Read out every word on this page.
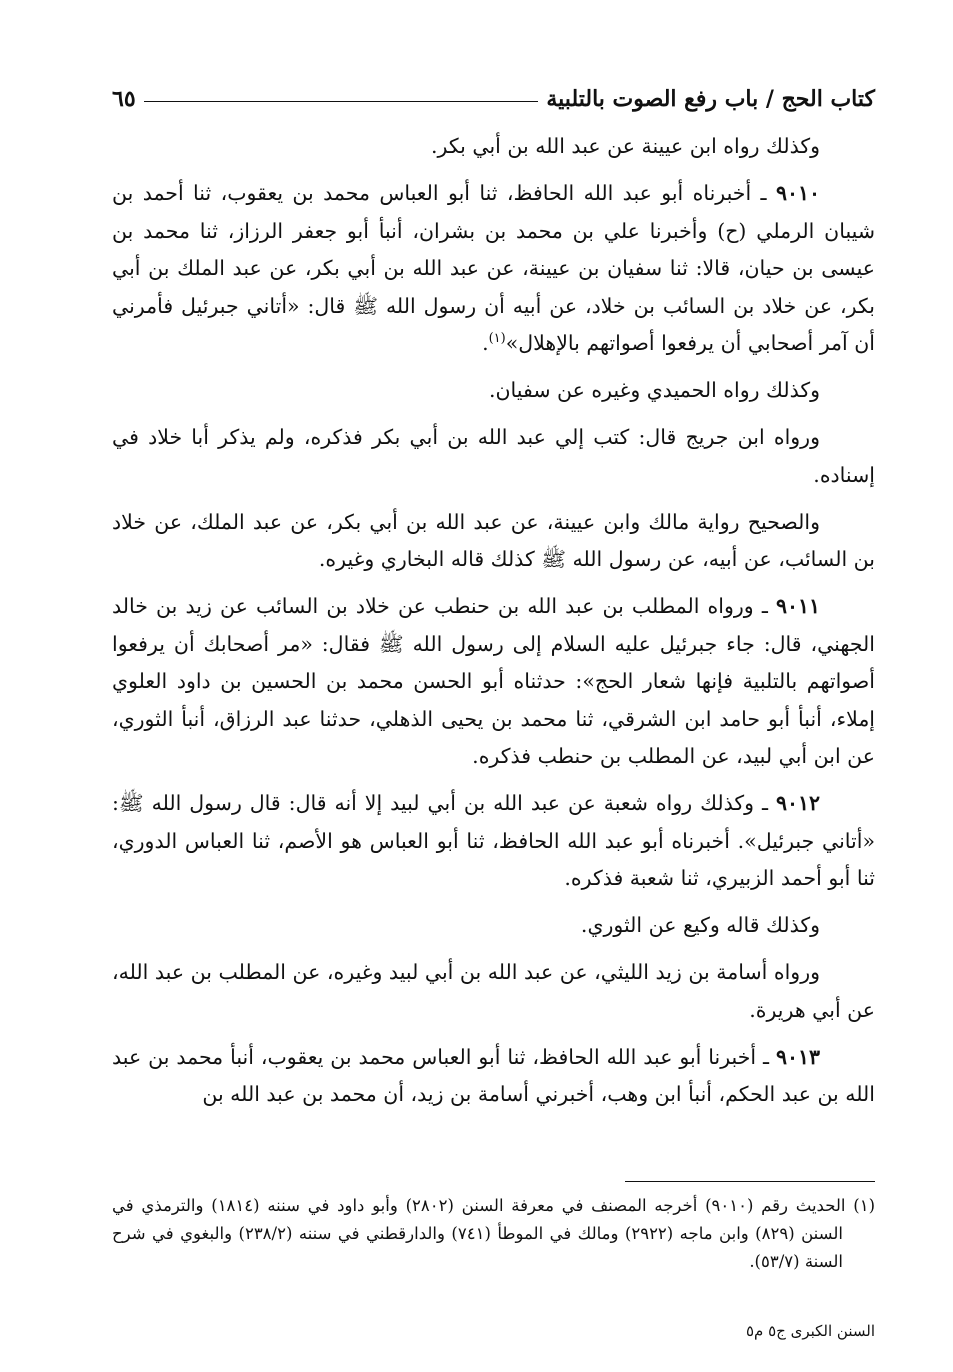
كتاب الحج / باب رفع الصوت بالتلبية
٦٥

وكذلك رواه ابن عيينة عن عبد الله بن أبي بكر.

٩٠١٠ ـ أخبرناه أبو عبد الله الحافظ، ثنا أبو العباس محمد بن يعقوب، ثنا أحمد بن شيبان الرملي (ح) وأخبرنا علي بن محمد بن بشران، أنبأ أبو جعفر الرزاز، ثنا محمد بن عيسى بن حيان، قالا: ثنا سفيان بن عيينة، عن عبد الله بن أبي بكر، عن عبد الملك بن أبي بكر، عن خلاد بن السائب بن خلاد، عن أبيه أن رسول الله ﷺ قال: «أتاني جبرئيل فأمرني أن آمر أصحابي أن يرفعوا أصواتهم بالإهلال»$^{(١)}$.

وكذلك رواه الحميدي وغيره عن سفيان.

ورواه ابن جريج قال: كتب إلي عبد الله بن أبي بكر فذكره، ولم يذكر أبا خلاد في إسناده.

والصحيح رواية مالك وابن عيينة، عن عبد الله بن أبي بكر، عن عبد الملك، عن خلاد بن السائب، عن أبيه، عن رسول الله ﷺ كذلك قاله البخاري وغيره.

٩٠١١ ـ ورواه المطلب بن عبد الله بن حنطب عن خلاد بن السائب عن زيد بن خالد الجهني، قال: جاء جبرئيل عليه السلام إلى رسول الله ﷺ فقال: «مر أصحابك أن يرفعوا أصواتهم بالتلبية فإنها شعار الحج»: حدثناه أبو الحسن محمد بن الحسين بن داود العلوي إملاء، أنبأ أبو حامد ابن الشرقي، ثنا محمد بن يحيى الذهلي، حدثنا عبد الرزاق، أنبأ الثوري، عن ابن أبي لبيد، عن المطلب بن حنطب فذكره.

٩٠١٢ ـ وكذلك رواه شعبة عن عبد الله بن أبي لبيد إلا أنه قال: قال رسول الله ﷺ: «أتاني جبرئيل». أخبرناه أبو عبد الله الحافظ، ثنا أبو العباس هو الأصم، ثنا العباس الدوري، ثنا أبو أحمد الزبيري، ثنا شعبة فذكره.

وكذلك قاله وكيع عن الثوري.

ورواه أسامة بن زيد الليثي، عن عبد الله بن أبي لبيد وغيره، عن المطلب بن عبد الله، عن أبي هريرة.

٩٠١٣ ـ أخبرنا أبو عبد الله الحافظ، ثنا أبو العباس محمد بن يعقوب، أنبأ محمد بن عبد الله بن عبد الحكم، أنبأ ابن وهب، أخبرني أسامة بن زيد، أن محمد بن عبد الله بن

(١) الحديث رقم (٩٠١٠) أخرجه المصنف في معرفة السنن (٢٨٠٢) وأبو داود في سننه (١٨١٤) والترمذي في السنن (٨٢٩) وابن ماجه (٢٩٢٢) ومالك في الموطأ (٧٤١) والدارقطني في سننه (٢٣٨/٢) والبغوي في شرح السنة (٥٣/٧).

السنن الكبرى ج٥ م٥
